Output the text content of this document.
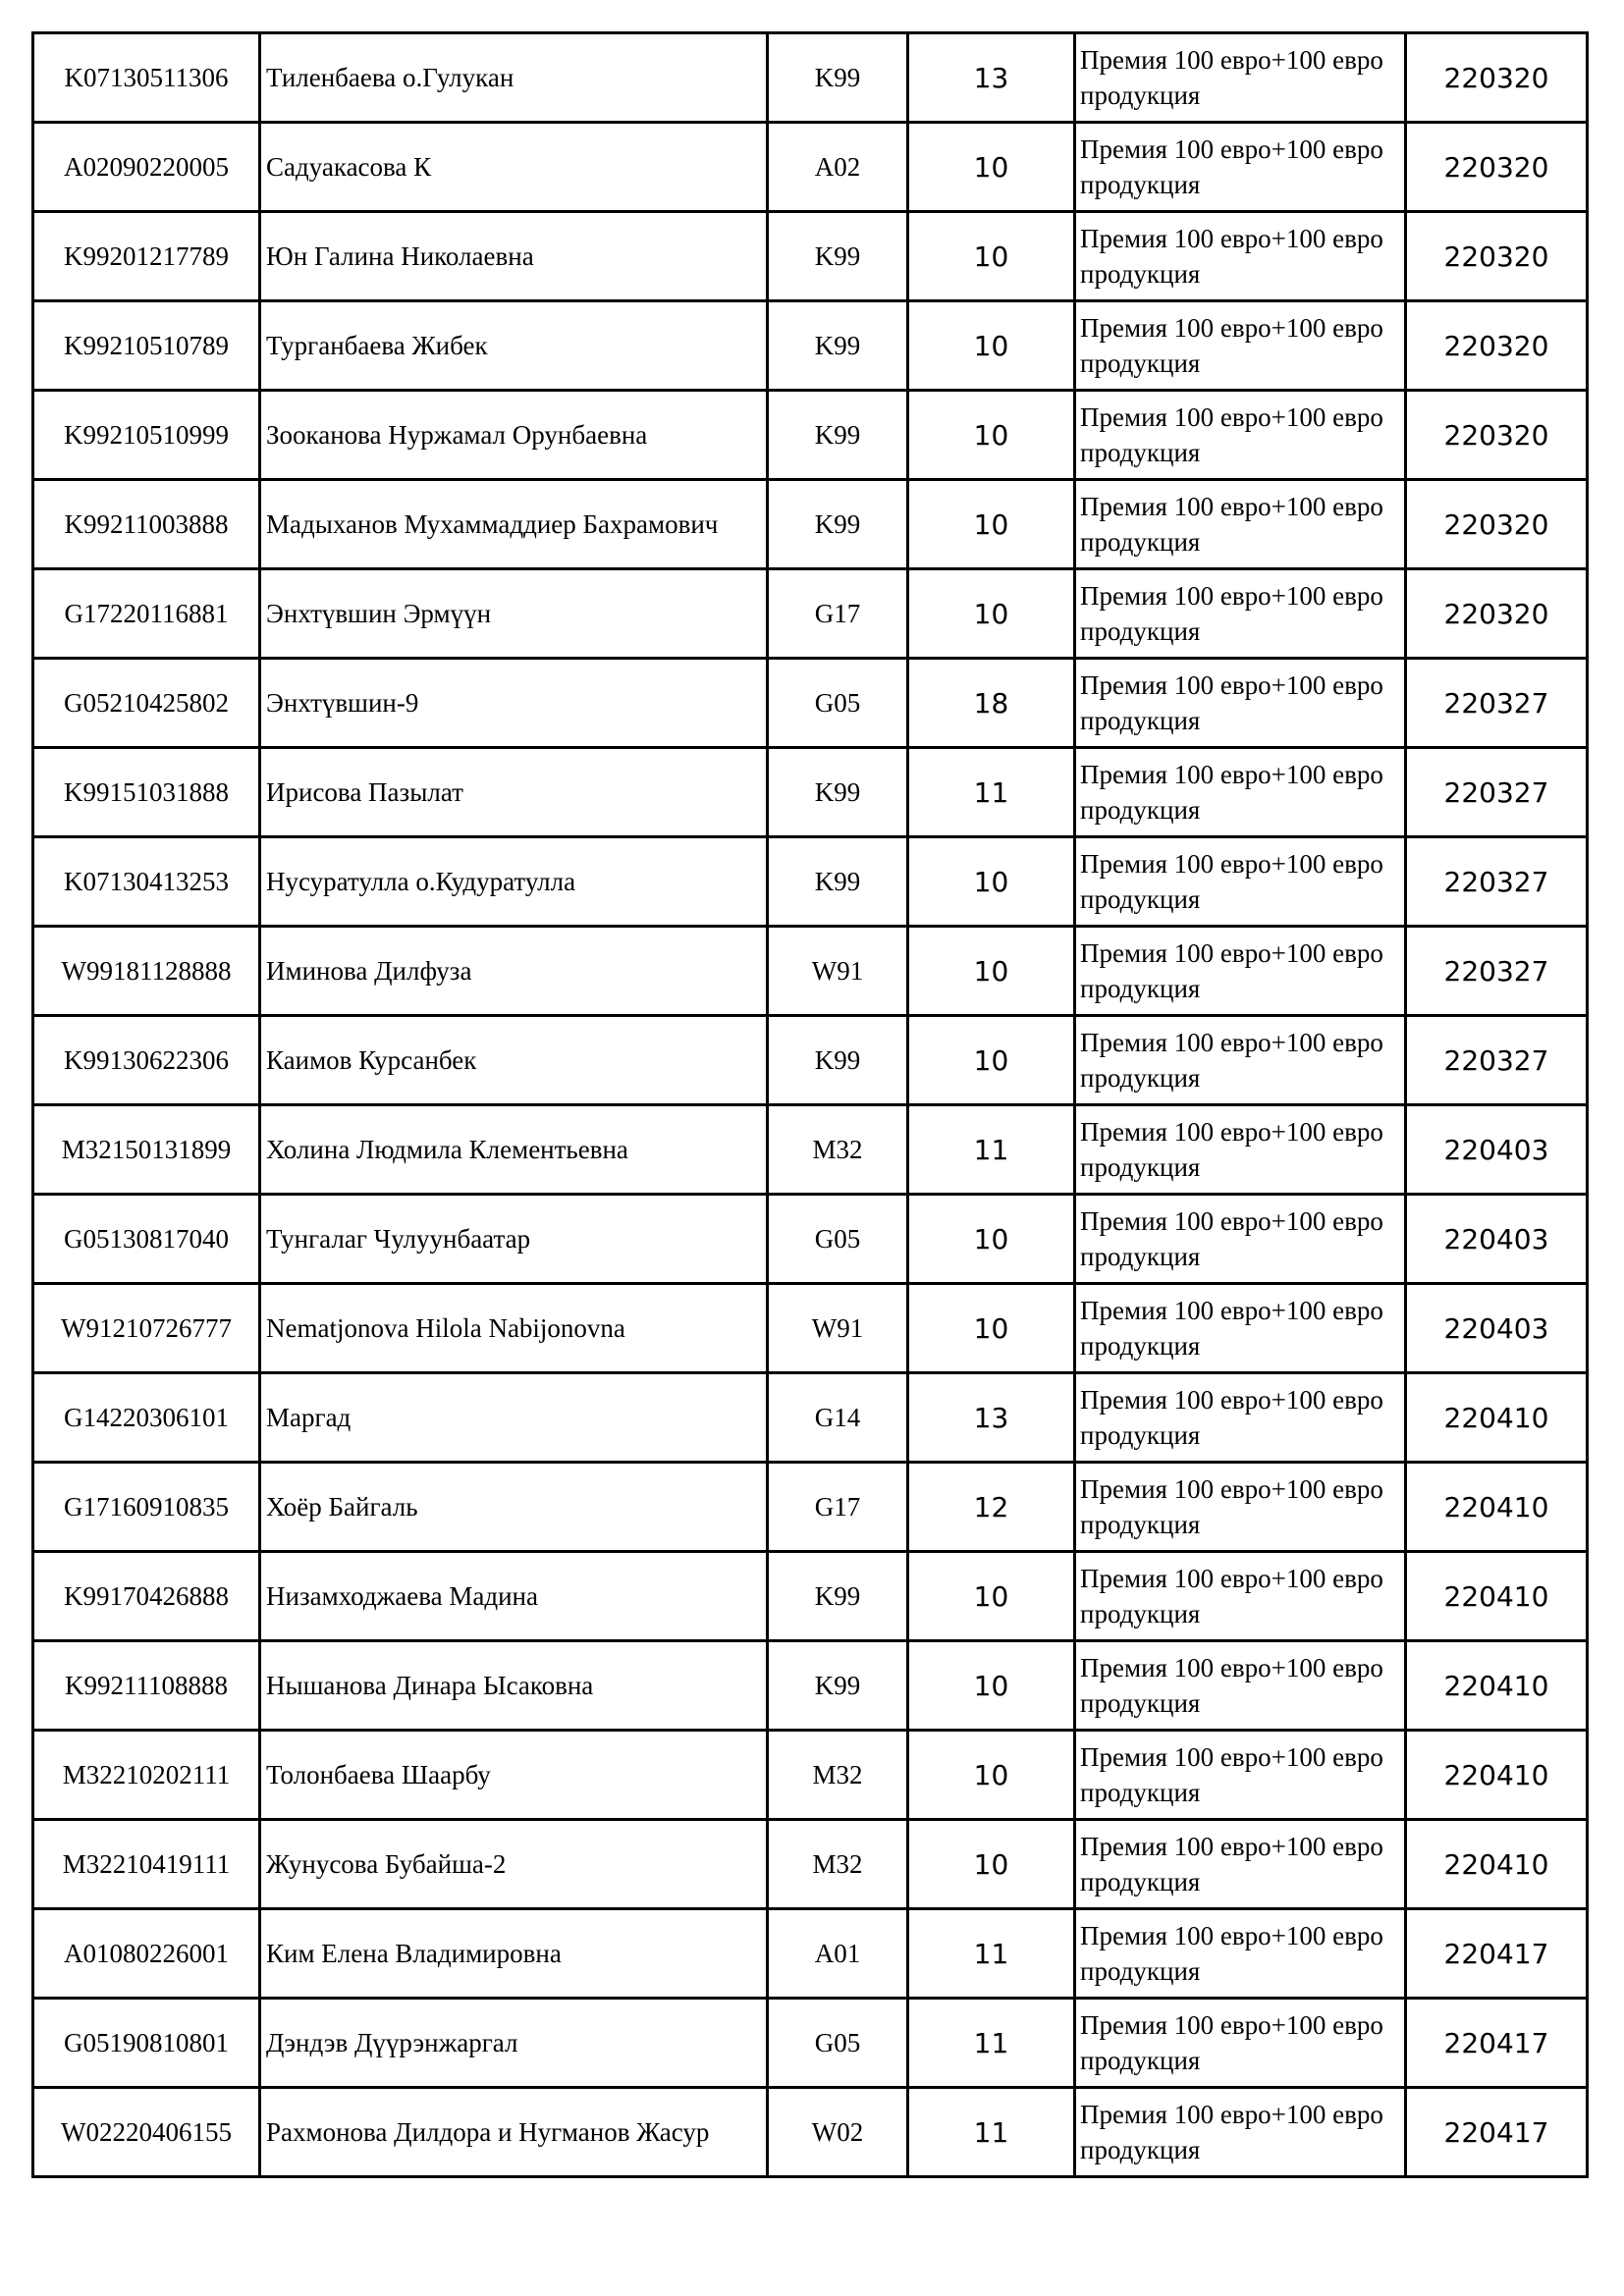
K07130511306	Тиленбаева о.Гулукан	K99	13	Премия 100 евро+100 евро продукция	220320
A02090220005	Садуакасова К	A02	10	Премия 100 евро+100 евро продукция	220320
K99201217789	Юн Галина Николаевна	K99	10	Премия 100 евро+100 евро продукция	220320
K99210510789	Турганбаева Жибек	K99	10	Премия 100 евро+100 евро продукция	220320
K99210510999	Зооканова Нуржамал Орунбаевна	K99	10	Премия 100 евро+100 евро продукция	220320
K99211003888	Мадыханов Мухаммаддиер Бахрамович	K99	10	Премия 100 евро+100 евро продукция	220320
G17220116881	Энхтүвшин Эрмүүн	G17	10	Премия 100 евро+100 евро продукция	220320
G05210425802	Энхтүвшин-9	G05	18	Премия 100 евро+100 евро продукция	220327
K99151031888	Ирисова Пазылат	K99	11	Премия 100 евро+100 евро продукция	220327
K07130413253	Нусуратулла о.Кудуратулла	K99	10	Премия 100 евро+100 евро продукция	220327
W99181128888	Иминова Дилфуза	W91	10	Премия 100 евро+100 евро продукция	220327
K99130622306	Каимов Курсанбек	K99	10	Премия 100 евро+100 евро продукция	220327
M32150131899	Холина Людмила Клементьевна	M32	11	Премия 100 евро+100 евро продукция	220403
G05130817040	Тунгалаг Чулуунбаатар	G05	10	Премия 100 евро+100 евро продукция	220403
W91210726777	Nematjonova Hilola Nabijonovna	W91	10	Премия 100 евро+100 евро продукция	220403
G14220306101	Маргад	G14	13	Премия 100 евро+100 евро продукция	220410
G17160910835	Хоёр Байгаль	G17	12	Премия 100 евро+100 евро продукция	220410
K99170426888	Низамходжаева Мадина	K99	10	Премия 100 евро+100 евро продукция	220410
K99211108888	Нышанова Динара Ысаковна	K99	10	Премия 100 евро+100 евро продукция	220410
M32210202111	Толонбаева Шаарбу	M32	10	Премия 100 евро+100 евро продукция	220410
M32210419111	Жунусова Бубайша-2	M32	10	Премия 100 евро+100 евро продукция	220410
A01080226001	Ким Елена Владимировна	A01	11	Премия 100 евро+100 евро продукция	220417
G05190810801	Дэндэв Дүүрэнжаргал	G05	11	Премия 100 евро+100 евро продукция	220417
W02220406155	Рахмонова Дилдора и Нугманов Жасур	W02	11	Премия 100 евро+100 евро продукция	220417
